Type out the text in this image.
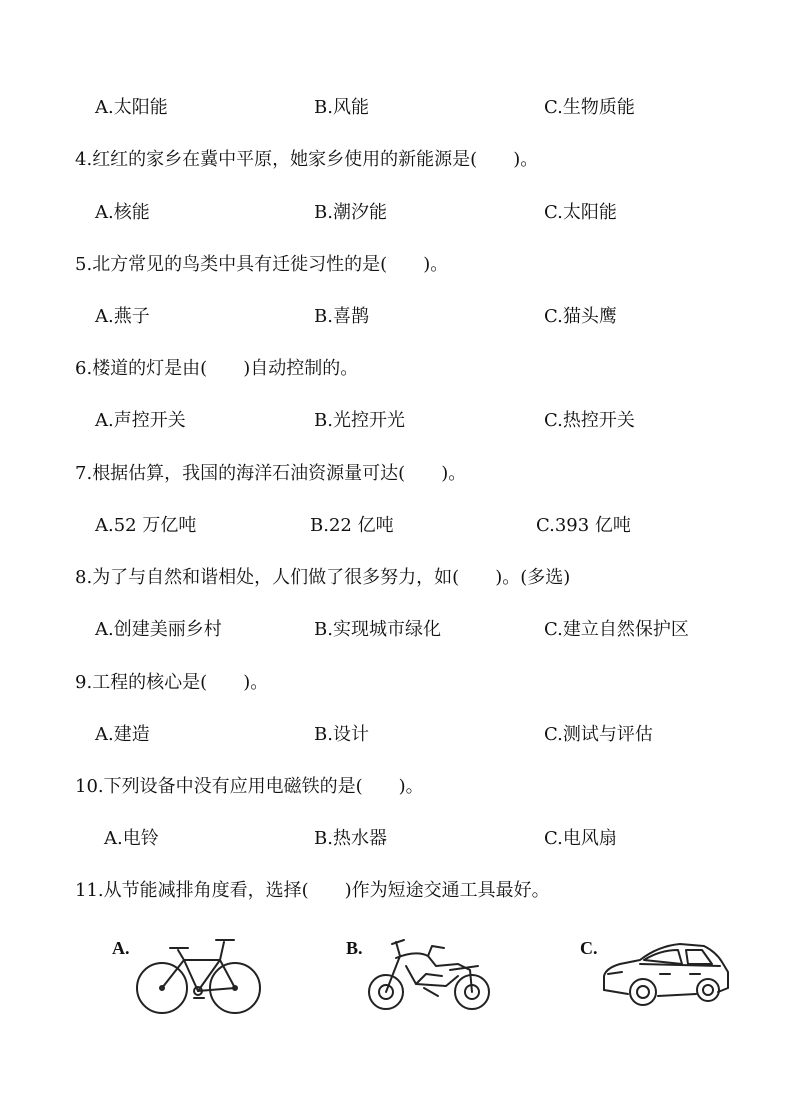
A.太阳能	B.风能	C.生物质能
4.红红的家乡在冀中平原，她家乡使用的新能源是(　　)。
A.核能	B.潮汐能	C.太阳能
5.北方常见的鸟类中具有迁徙习性的是(　　)。
A.燕子	B.喜鹊	C.猫头鹰
6.楼道的灯是由(　　)自动控制的。
A.声控开关	B.光控开光	C.热控开关
7.根据估算，我国的海洋石油资源量可达(　　)。
A.52 万亿吨	B.22 亿吨	C.393 亿吨
8.为了与自然和谐相处，人们做了很多努力，如(　　)。(多选)
A.创建美丽乡村	B.实现城市绿化	C.建立自然保护区
9.工程的核心是(　　)。
A.建造	B.设计	C.测试与评估
10.下列设备中没有应用电磁铁的是(　　)。
A.电铃	B.热水器	C.电风扇
11.从节能减排角度看，选择(　　)作为短途交通工具最好。
A.	B.	C.
